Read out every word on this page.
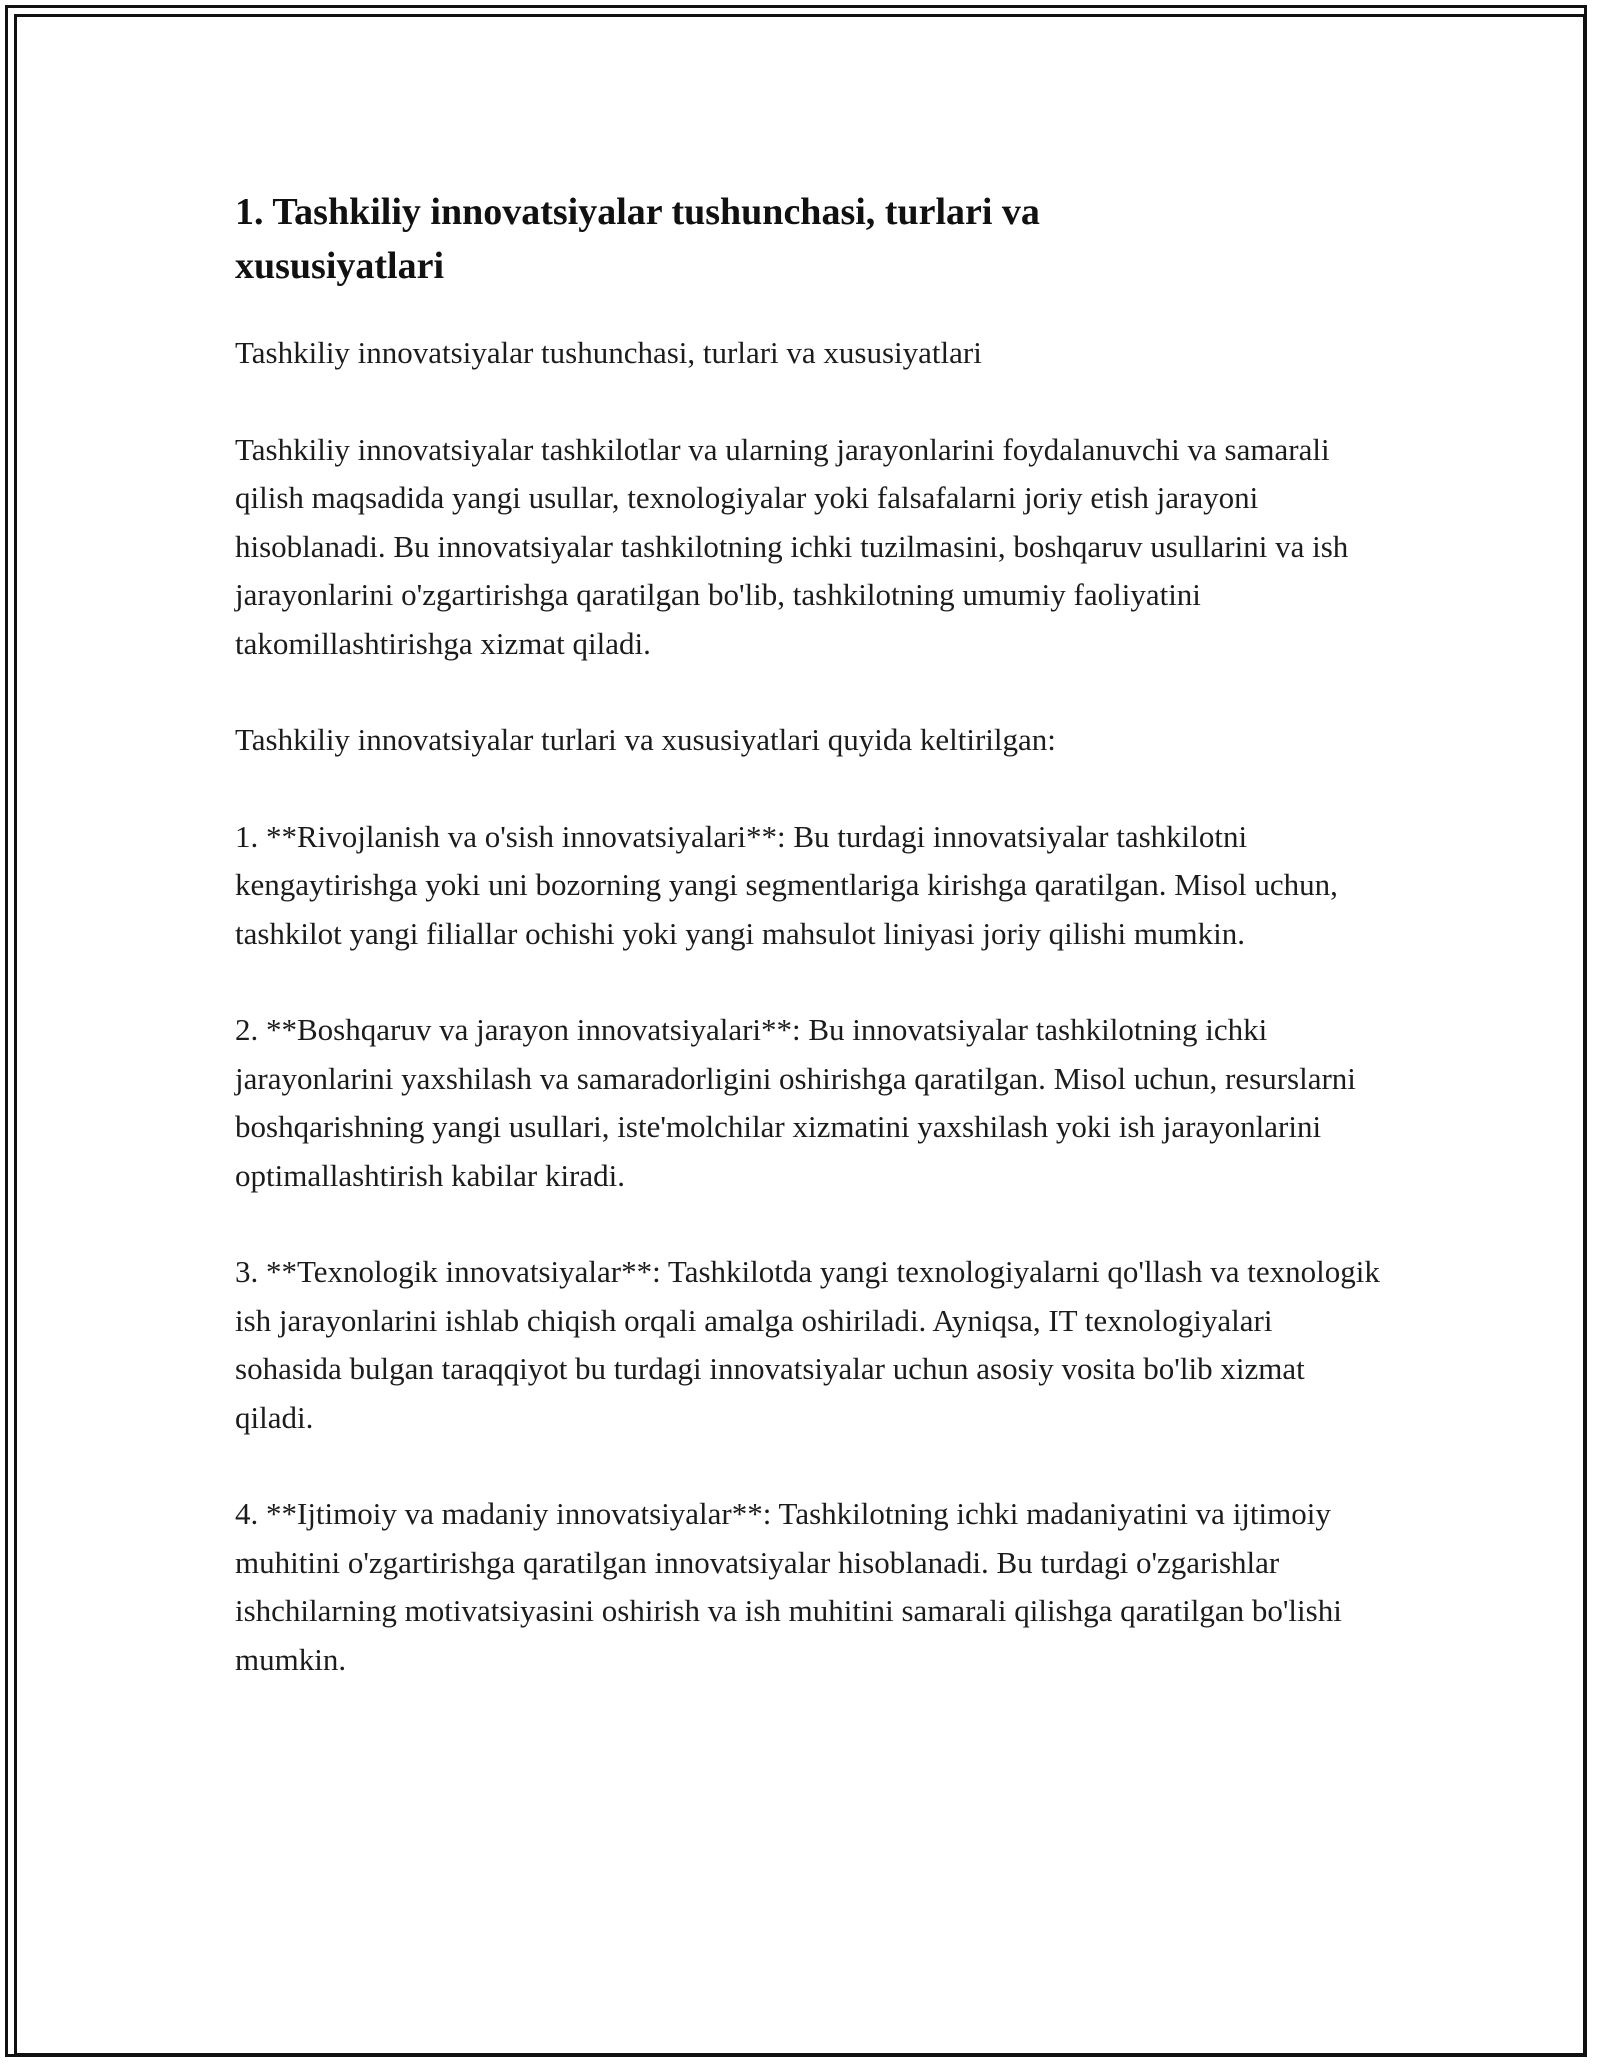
1. Tashkiliy innovatsiyalar tushunchasi, turlari va xususiyatlari

Tashkiliy innovatsiyalar tushunchasi, turlari va xususiyatlari

Tashkiliy innovatsiyalar tashkilotlar va ularning jarayonlarini foydalanuvchi va samarali qilish maqsadida yangi usullar, texnologiyalar yoki falsafalarni joriy etish jarayoni hisoblanadi. Bu innovatsiyalar tashkilotning ichki tuzilmasini, boshqaruv usullarini va ish jarayonlarini o'zgartirishga qaratilgan bo'lib, tashkilotning umumiy faoliyatini takomillashtirishga xizmat qiladi.

Tashkiliy innovatsiyalar turlari va xususiyatlari quyida keltirilgan:

1. **Rivojlanish va o'sish innovatsiyalari**: Bu turdagi innovatsiyalar tashkilotni kengaytirishga yoki uni bozorning yangi segmentlariga kirishga qaratilgan. Misol uchun, tashkilot yangi filiallar ochishi yoki yangi mahsulot liniyasi joriy qilishi mumkin.

2. **Boshqaruv va jarayon innovatsiyalari**: Bu innovatsiyalar tashkilotning ichki jarayonlarini yaxshilash va samaradorligini oshirishga qaratilgan. Misol uchun, resurslarni boshqarishning yangi usullari, iste'molchilar xizmatini yaxshilash yoki ish jarayonlarini optimallashtirish kabilar kiradi.

3. **Texnologik innovatsiyalar**: Tashkilotda yangi texnologiyalarni qo'llash va texnologik ish jarayonlarini ishlab chiqish orqali amalga oshiriladi. Ayniqsa, IT texnologiyalari sohasida bulgan taraqqiyot bu turdagi innovatsiyalar uchun asosiy vosita bo'lib xizmat qiladi.

4. **Ijtimoiy va madaniy innovatsiyalar**: Tashkilotning ichki madaniyatini va ijtimoiy muhitini o'zgartirishga qaratilgan innovatsiyalar hisoblanadi. Bu turdagi o'zgarishlar ishchilarning motivatsiyasini oshirish va ish muhitini samarali qilishga qaratilgan bo'lishi mumkin.
